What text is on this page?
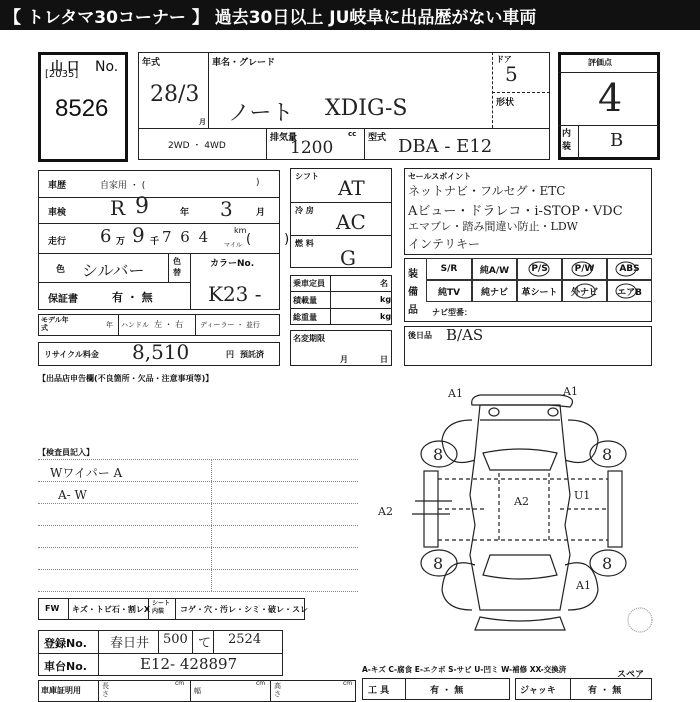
【 トレタマ30コーナー 】 過去30日以上 JU岐阜に出品歴がない車両
山 口 No.
[2035]
8526
年式
28/3
月
車名・グレード
ノート XDIG-S
ドア
5
形状
2WD ・ 4WD
排気量	cc
1200	型式 DBA - E12
評価点
4
内装 B
車歴	自家用 ・ (	)
車検 R 9	年 3	月
走行 6 万 9 千 7 6 4	km
マイル (        )
色 シルバー	色替
カラーNo.
K23 -
保証書	有 ・ 無
モデル年式	年 ハンドル 左 ・ 右 ディーラー ・ 並行
リサイクル料金 8,510	円 預託済
【出品店申告欄(不良箇所・欠品・注意事項等)】
シフト AT
冷 房 AC
燃 料
G
乗車定員	名
積載量	kg
総重量	kg
名変期限
月	日
セールスポイント
ネットナビ・フルセグ・ETC
Aビュー・ドラレコ・i-STOP・VDC
エマブレ・踏み間違い防止・LDW
インテリキー
装備品
S/R	純A/W	P/S	P/W	ABS
純TV	純ナビ	革シート	外ナビ	エアB
ナビ型番：
後日品 B/AS
【検査員記入】
Wワイパー A
A- W
A1	A1
A2
A2	U1
A1
8	8
8	8
スペア
FW キズ・トビ石・割レX
シート内装	コゲ・穴・汚レ・シミ・破レ・スレ
登録No. 春日井 500 て 2524
車台No.	E12- 428897
車庫証明用	長さ
cm
幅
cm 高さ
cm
A-キズ C-腐食 E-エクボ S-サビ U-凹ミ W-補修 XX-交換済
工 具	有 ・ 無	ジャッキ	有 ・ 無
